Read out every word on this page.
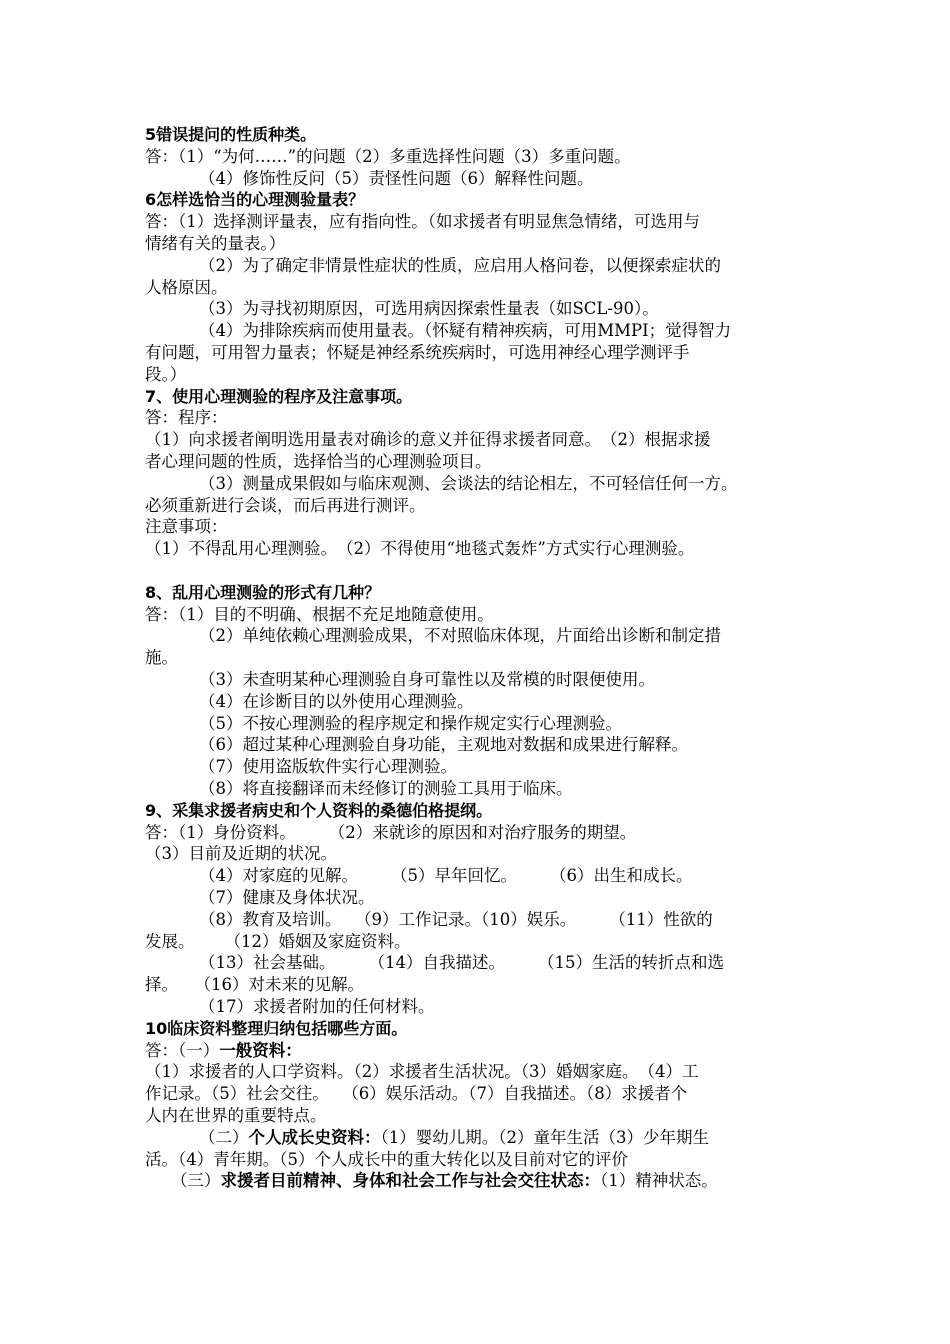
5错误提问的性质种类。
答：（1）“为何……”的问题（2）多重选择性问题（3）多重问题。
（4）修饰性反问（5）责怪性问题（6）解释性问题。
6怎样选恰当的心理测验量表？
答：（1）选择测评量表，应有指向性。（如求援者有明显焦急情绪，可选用与
情绪有关的量表。）
（2）为了确定非情景性症状的性质，应启用人格问卷，以便探索症状的
人格原因。
（3）为寻找初期原因，可选用病因探索性量表（如SCL-90）。
（4）为排除疾病而使用量表。（怀疑有精神疾病，可用MMPI；觉得智力
有问题，可用智力量表；怀疑是神经系统疾病时，可选用神经心理学测评手
段。）
7、使用心理测验的程序及注意事项。
答：程序：
（1）向求援者阐明选用量表对确诊的意义并征得求援者同意。　（2）根据求援
者心理问题的性质，选择恰当的心理测验项目。
（3）测量成果假如与临床观测、会谈法的结论相左，不可轻信任何一方。
必须重新进行会谈，而后再进行测评。
注意事项：
（1）不得乱用心理测验。　（2）不得使用“地毯式轰炸”方式实行心理测验。
8、乱用心理测验的形式有几种？
答：（1）目的不明确、根据不充足地随意使用。
（2）单纯依赖心理测验成果，不对照临床体现，片面给出诊断和制定措
施。
（3）未查明某种心理测验自身可靠性以及常模的时限便使用。
（4）在诊断目的以外使用心理测验。
（5）不按心理测验的程序规定和操作规定实行心理测验。
（6）超过某种心理测验自身功能，主观地对数据和成果进行解释。
（7）使用盗版软件实行心理测验。
（8）将直接翻译而未经修订的测验工具用于临床。
9、采集求援者病史和个人资料的桑德伯格提纲。
答：（1）身份资料。　　　（2）来就诊的原因和对治疗服务的期望。
（3）目前及近期的状况。
（4）对家庭的见解。　　　（5）早年回忆。　　　（6）出生和成长。
（7）健康及身体状况。
（8）教育及培训。　 （9）工作记录。（10）娱乐。　　　（11）性欲的
发展。　　 （12）婚姻及家庭资料。
（13）社会基础。　　　（14）自我描述。　　　（15）生活的转折点和选
择。　　（16）对未来的见解。
（17）求援者附加的任何材料。
10临床资料整理归纳包括哪些方面。
答：（一）一般资料：
（1）求援者的人口学资料。（2）求援者生活状况。（3）婚姻家庭。　（4）工
作记录。（5）社会交往。　 （6）娱乐活动。（7）自我描述。（8）求援者个
人内在世界的重要特点。
（二）个人成长史资料：（1）婴幼儿期。（2）童年生活（3）少年期生
活。（4）青年期。（5）个人成长中的重大转化以及目前对它的评价
（三）求援者目前精神、身体和社会工作与社会交往状态：（1）精神状态。
